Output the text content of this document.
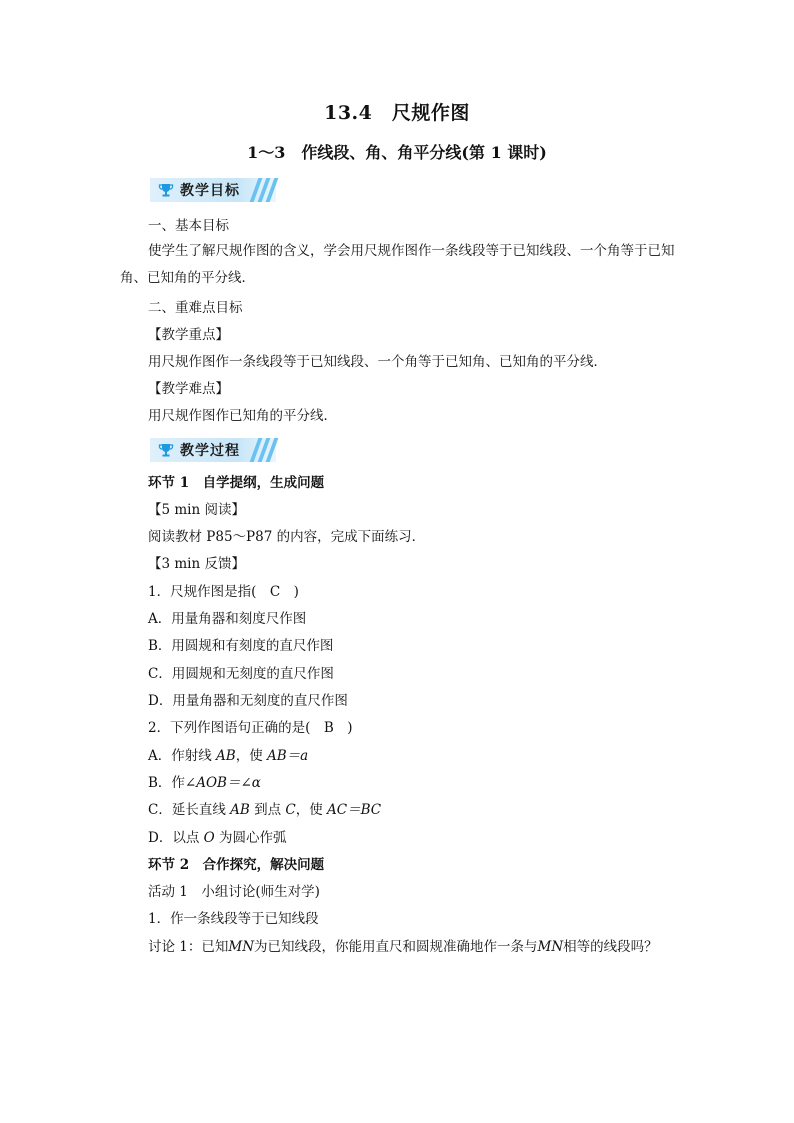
13.4　尺规作图
1～3　作线段、角、角平分线(第 1 课时)
教学目标
一、基本目标
使学生了解尺规作图的含义，学会用尺规作图作一条线段等于已知线段、一个角等于已知角、已知角的平分线．
二、重难点目标
【教学重点】
用尺规作图作一条线段等于已知线段、一个角等于已知角、已知角的平分线．
【教学难点】
用尺规作图作已知角的平分线．
教学过程
环节 1　自学提纲，生成问题
【5 min 阅读】
阅读教材 P85～P87 的内容，完成下面练习．
【3 min 反馈】
1．尺规作图是指(　C　)
A．用量角器和刻度尺作图
B．用圆规和有刻度的直尺作图
C．用圆规和无刻度的直尺作图
D．用量角器和无刻度的直尺作图
2．下列作图语句正确的是(　B　)
A．作射线 AB，使 AB＝a
B．作∠AOB＝∠α
C．延长直线 AB 到点 C，使 AC＝BC
D．以点 O 为圆心作弧
环节 2　合作探究，解决问题
活动 1　小组讨论(师生对学)
1．作一条线段等于已知线段
讨论 1：已知MN为已知线段，你能用直尺和圆规准确地作一条与MN相等的线段吗？
